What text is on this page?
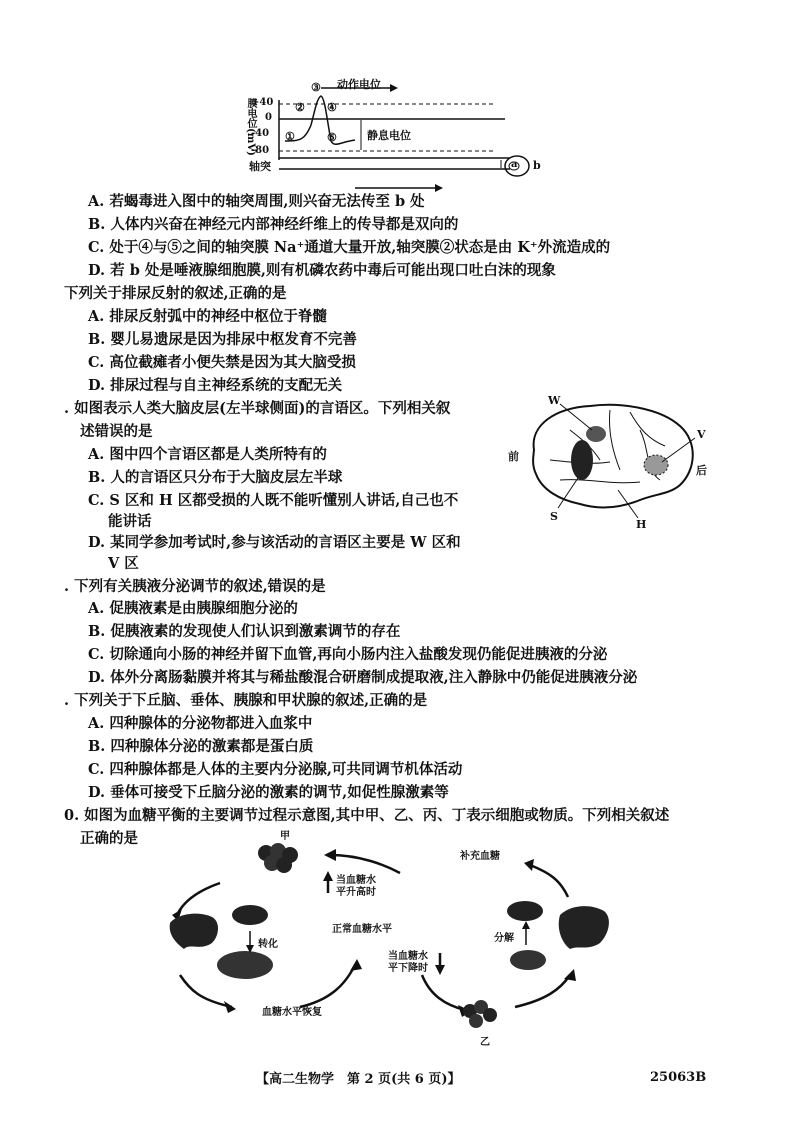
膜电位(mV)
+40
0
-40
-80
①
②
③
④
⑤
动作电位
静息电位
轴突	a b
A. 若蝎毒进入图中的轴突周围,则兴奋无法传至 b 处
B. 人体内兴奋在神经元内部神经纤维上的传导都是双向的
C. 处于④与⑤之间的轴突膜 Na⁺通道大量开放,轴突膜②状态是由 K⁺外流造成的
D. 若 b 处是唾液腺细胞膜,则有机磷农药中毒后可能出现口吐白沫的现象
下列关于排尿反射的叙述,正确的是
A. 排尿反射弧中的神经中枢位于脊髓
B. 婴儿易遗尿是因为排尿中枢发育不完善
C. 高位截瘫者小便失禁是因为其大脑受损
D. 排尿过程与自主神经系统的支配无关
. 如图表示人类大脑皮层(左半球侧面)的言语区。下列相关叙
述错误的是
A. 图中四个言语区都是人类所特有的
B. 人的言语区只分布于大脑皮层左半球
C. S 区和 H 区都受损的人既不能听懂别人讲话,自己也不
能讲话
D. 某同学参加考试时,参与该活动的言语区主要是 W 区和
V 区
W
V
S
H
前
后
. 下列有关胰液分泌调节的叙述,错误的是
A. 促胰液素是由胰腺细胞分泌的
B. 促胰液素的发现使人们认识到激素调节的存在
C. 切除通向小肠的神经并留下血管,再向小肠内注入盐酸发现仍能促进胰液的分泌
D. 体外分离肠黏膜并将其与稀盐酸混合研磨制成提取液,注入静脉中仍能促进胰液分泌
. 下列关于下丘脑、垂体、胰腺和甲状腺的叙述,正确的是
A. 四种腺体的分泌物都进入血浆中
B. 四种腺体分泌的激素都是蛋白质
C. 四种腺体都是人体的主要内分泌腺,可共同调节机体活动
D. 垂体可接受下丘脑分泌的激素的调节,如促性腺激素等
0. 如图为血糖平衡的主要调节过程示意图,其中甲、乙、丙、丁表示细胞或物质。下列相关叙述
正确的是	甲
乙
补充血糖
当血糖水
平升高时
正常血糖水平
当血糖水
平下降时
转化
分解
血糖水平恢复
【高二生物学　第 2 页(共 6 页)】	25063B
